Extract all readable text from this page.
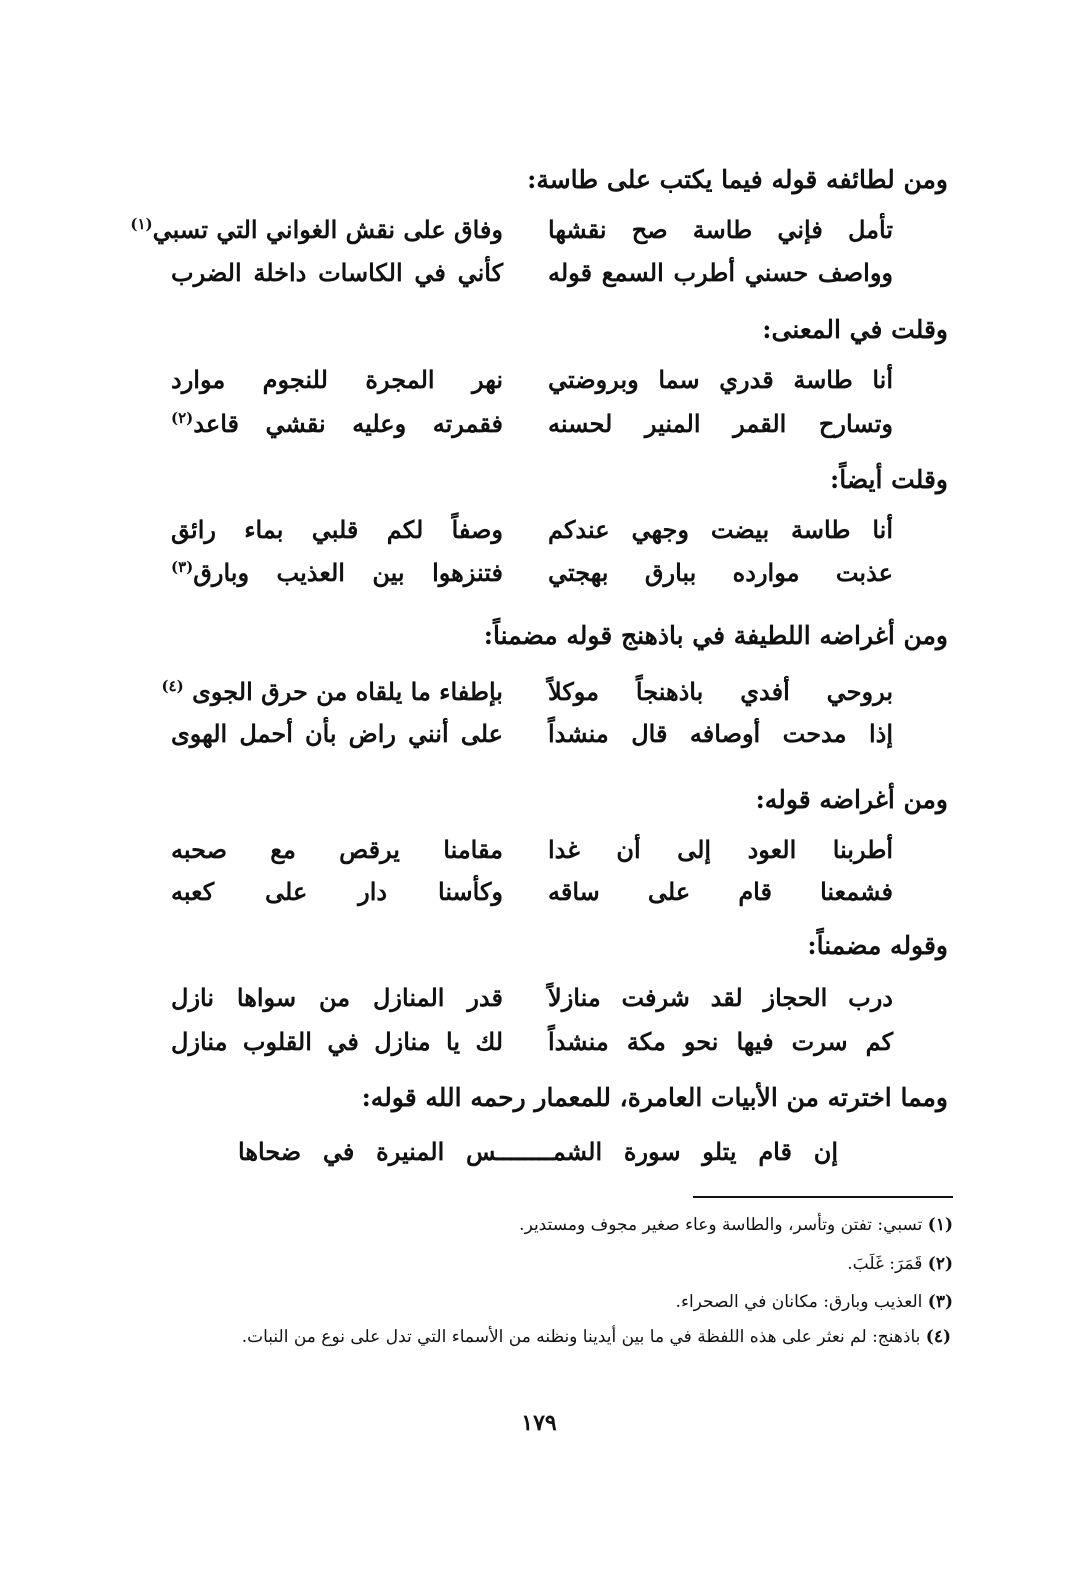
ومن لطائفه قوله فيما يكتب على طاسة:
تأمل فإني طاسة صح نقشها
وفاق على نقش الغواني التي تسبي$^{(١)}$
وواصف حسني أطرب السمع قوله
كأني في الكاسات داخلة الضرب
وقلت في المعنى:
أنا طاسة قدري سما وبروضتي
نهر المجرة للنجوم موارد
وتسارح القمر المنير لحسنه
فقمرته وعليه نقشي قاعد$^{(٢)}$
وقلت أيضاً:
أنا طاسة بيضت وجهي عندكم
وصفاً لكم قلبي بماء رائق
عذبت موارده ببارق بهجتي
فتنزهوا بين العذيب وبارق$^{(٣)}$
ومن أغراضه اللطيفة في باذهنج قوله مضمناً:
بروحي أفدي باذهنجاً موكلاً
بإطفاء ما يلقاه من حرق الجوى $^{(٤)}$
إذا مدحت أوصافه قال منشداً
على أنني راض بأن أحمل الهوى
ومن أغراضه قوله:
أطربنا العود إلى أن غدا
مقامنا يرقص مع صحبه
فشمعنا قام على ساقه
وكأسنا دار على كعبه
وقوله مضمناً:
درب الحجاز لقد شرفت منازلاً
قدر المنازل من سواها نازل
كم سرت فيها نحو مكة منشداً
لك يا منازل في القلوب منازل
ومما اخترته من الأبيات العامرة، للمعمار رحمه الله قوله:
إن قام يتلو سورة الشمــــــــس المنيرة في ضحاها
(١) تسبي: تفتن وتأسر، والطاسة وعاء صغير مجوف ومستدير.
(٢) قَمَرَ: غَلَبَ.
(٣) العذيب وبارق: مكانان في الصحراء.
(٤) باذهنج: لم نعثر على هذه اللفظة في ما بين أيدينا ونظنه من الأسماء التي تدل على نوع من النبات.
١٧٩
